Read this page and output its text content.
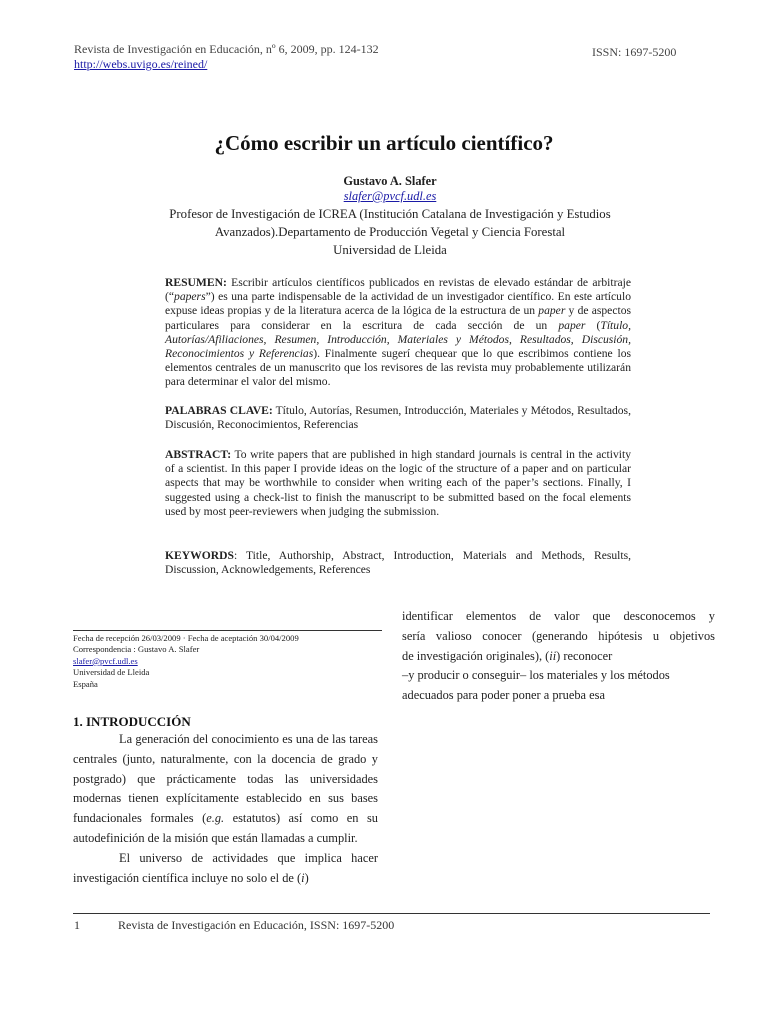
Revista de Investigación en Educación, nº 6, 2009, pp. 124-132
http://webs.uvigo.es/reined/
ISSN: 1697-5200
¿Cómo escribir un artículo científico?
Gustavo A. Slafer
slafer@pvcf.udl.es
Profesor de Investigación de ICREA (Institución Catalana de Investigación y Estudios
Avanzados).Departamento de Producción Vegetal y Ciencia Forestal
Universidad de Lleida
RESUMEN: Escribir artículos científicos publicados en revistas de elevado estándar de arbitraje (“papers”) es una parte indispensable de la actividad de un investigador científico. En este artículo expuse ideas propias y de la literatura acerca de la lógica de la estructura de un paper y de aspectos particulares para considerar en la escritura de cada sección de un paper (Título, Autorías/Afiliaciones, Resumen, Introducción, Materiales y Métodos, Resultados, Discusión, Reconocimientos y Referencias). Finalmente sugerí chequear que lo que escribimos contiene los elementos centrales de un manuscrito que los revisores de las revista muy probablemente utilizarán para determinar el valor del mismo.
PALABRAS CLAVE: Título, Autorías, Resumen, Introducción, Materiales y Métodos, Resultados, Discusión, Reconocimientos, Referencias
ABSTRACT: To write papers that are published in high standard journals is central in the activity of a scientist. In this paper I provide ideas on the logic of the structure of a paper and on particular aspects that may be worthwhile to consider when writing each of the paper’s sections. Finally, I suggested using a check-list to finish the manuscript to be submitted based on the focal elements used by most peer-reviewers when judging the submission.
KEYWORDS: Title, Authorship, Abstract, Introduction, Materials and Methods, Results, Discussion, Acknowledgements, References
Fecha de recepción 26/03/2009 · Fecha de aceptación 30/04/2009
Correspondencia : Gustavo A. Slafer
slafer@pvcf.udl.es
Universidad de Lleida
España
1. INTRODUCCIÓN
La generación del conocimiento es una de las tareas centrales (junto, naturalmente, con la docencia de grado y postgrado) que prácticamente todas las universidades modernas tienen explícitamente establecido en sus bases fundacionales formales (e.g. estatutos) así como en su autodefinición de la misión que están llamadas a cumplir.
El universo de actividades que implica hacer investigación científica incluye no solo el de (i)
identificar elementos de valor que desconocemos y
sería valioso conocer (generando hipótesis u objetivos
de investigación originales), (ii) reconocer
–y producir o conseguir– los materiales y los métodos
adecuados para poder poner a prueba esa
1	Revista de Investigación en Educación, ISSN: 1697-5200
